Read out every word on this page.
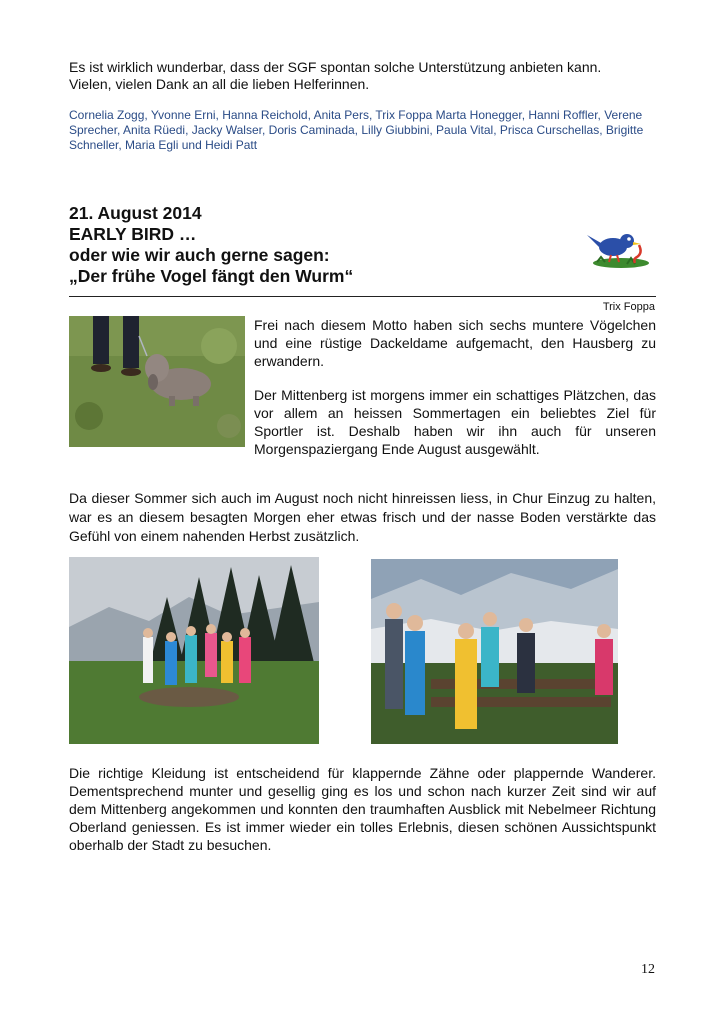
Es ist wirklich wunderbar, dass der SGF spontan solche Unterstützung anbieten kann.
Vielen, vielen Dank an all die lieben Helferinnen.
Cornelia Zogg, Yvonne Erni, Hanna Reichold, Anita Pers, Trix Foppa Marta Honegger, Hanni Roffler, Verene Sprecher, Anita Rüedi, Jacky Walser, Doris Caminada, Lilly Giubbini, Paula Vital, Prisca Curschellas, Brigitte Schneller, Maria Egli und Heidi Patt
21. August 2014
EARLY BIRD …
oder wie wir auch gerne sagen:
„Der frühe Vogel fängt den Wurm“
Trix Foppa

Frei nach diesem Motto haben sich sechs muntere Vögelchen und eine rüstige Dackeldame aufgemacht, den Hausberg zu erwandern.

Der Mittenberg ist morgens immer ein schattiges Plätzchen, das vor allem an heissen Sommertagen ein beliebtes Ziel für Sportler ist. Deshalb haben wir ihn auch für unseren Morgenspaziergang Ende August ausgewählt.

Da dieser Sommer sich auch im August noch nicht hinreissen liess, in Chur Einzug zu halten, war es an diesem besagten Morgen eher etwas frisch und der nasse Boden verstärkte das Gefühl von einem nahenden Herbst zusätzlich.
Die richtige Kleidung ist entscheidend für klappernde Zähne oder plappernde Wanderer. Dementsprechend munter und gesellig ging es los und schon nach kurzer Zeit sind wir auf dem Mittenberg angekommen und konnten den traumhaften Ausblick mit Nebelmeer Richtung Oberland geniessen. Es ist immer wieder ein tolles Erlebnis, diesen schönen Aussichtspunkt oberhalb der Stadt zu besuchen.
12
